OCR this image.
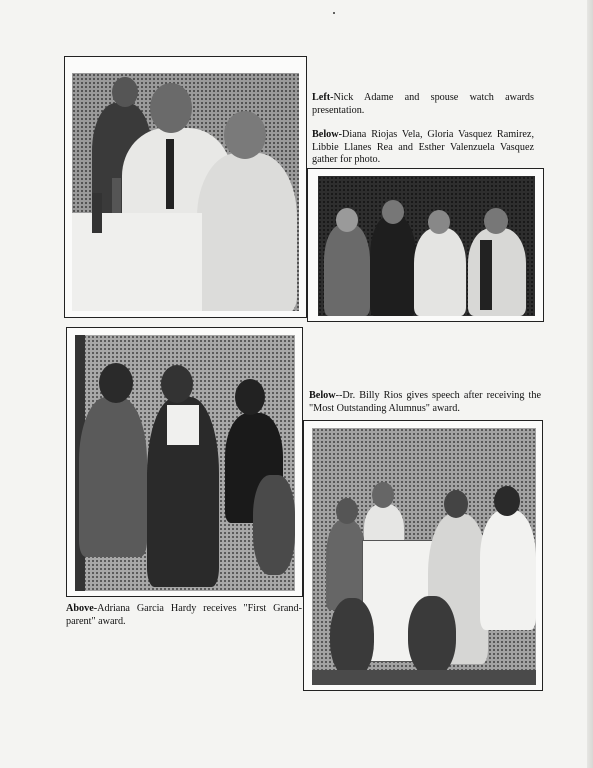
Left-Nick Adame and spouse watch awards presentation.
Below-Diana Riojas Vela, Gloria Vasquez Ramirez, Libbie Llanes Rea and Esther Valenzuela Vasquez gather for photo.
Above-Adriana Garcia Hardy receives "First Grand-parent" award.
Below--Dr. Billy Rios gives speech after receiving the "Most Outstanding Alumnus" award.
